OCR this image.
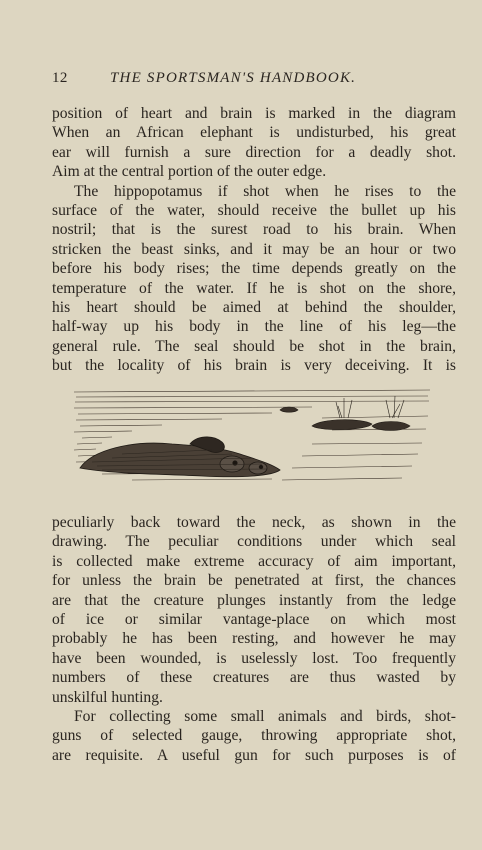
12	THE SPORTSMAN'S HANDBOOK.
position of heart and brain is marked in the diagram
When an African elephant is undisturbed, his great
ear will furnish a sure direction for a deadly shot.
Aim at the central portion of the outer edge.
The hippopotamus if shot when he rises to the
surface of the water, should receive the bullet up his
nostril; that is the surest road to his brain. When
stricken the beast sinks, and it may be an hour or two
before his body rises; the time depends greatly on the
temperature of the water. If he is shot on the shore,
his heart should be aimed at behind the shoulder,
half-way up his body in the line of his leg—the
general rule. The seal should be shot in the brain,
but the locality of his brain is very deceiving. It is
peculiarly back toward the neck, as shown in the
drawing. The peculiar conditions under which seal
is collected make extreme accuracy of aim important,
for unless the brain be penetrated at first, the chances
are that the creature plunges instantly from the ledge
of ice or similar vantage-place on which most
probably he has been resting, and however he may
have been wounded, is uselessly lost. Too frequently
numbers of these creatures are thus wasted by
unskilful hunting.
For collecting some small animals and birds, shot-
guns of selected gauge, throwing appropriate shot,
are requisite. A useful gun for such purposes is of
